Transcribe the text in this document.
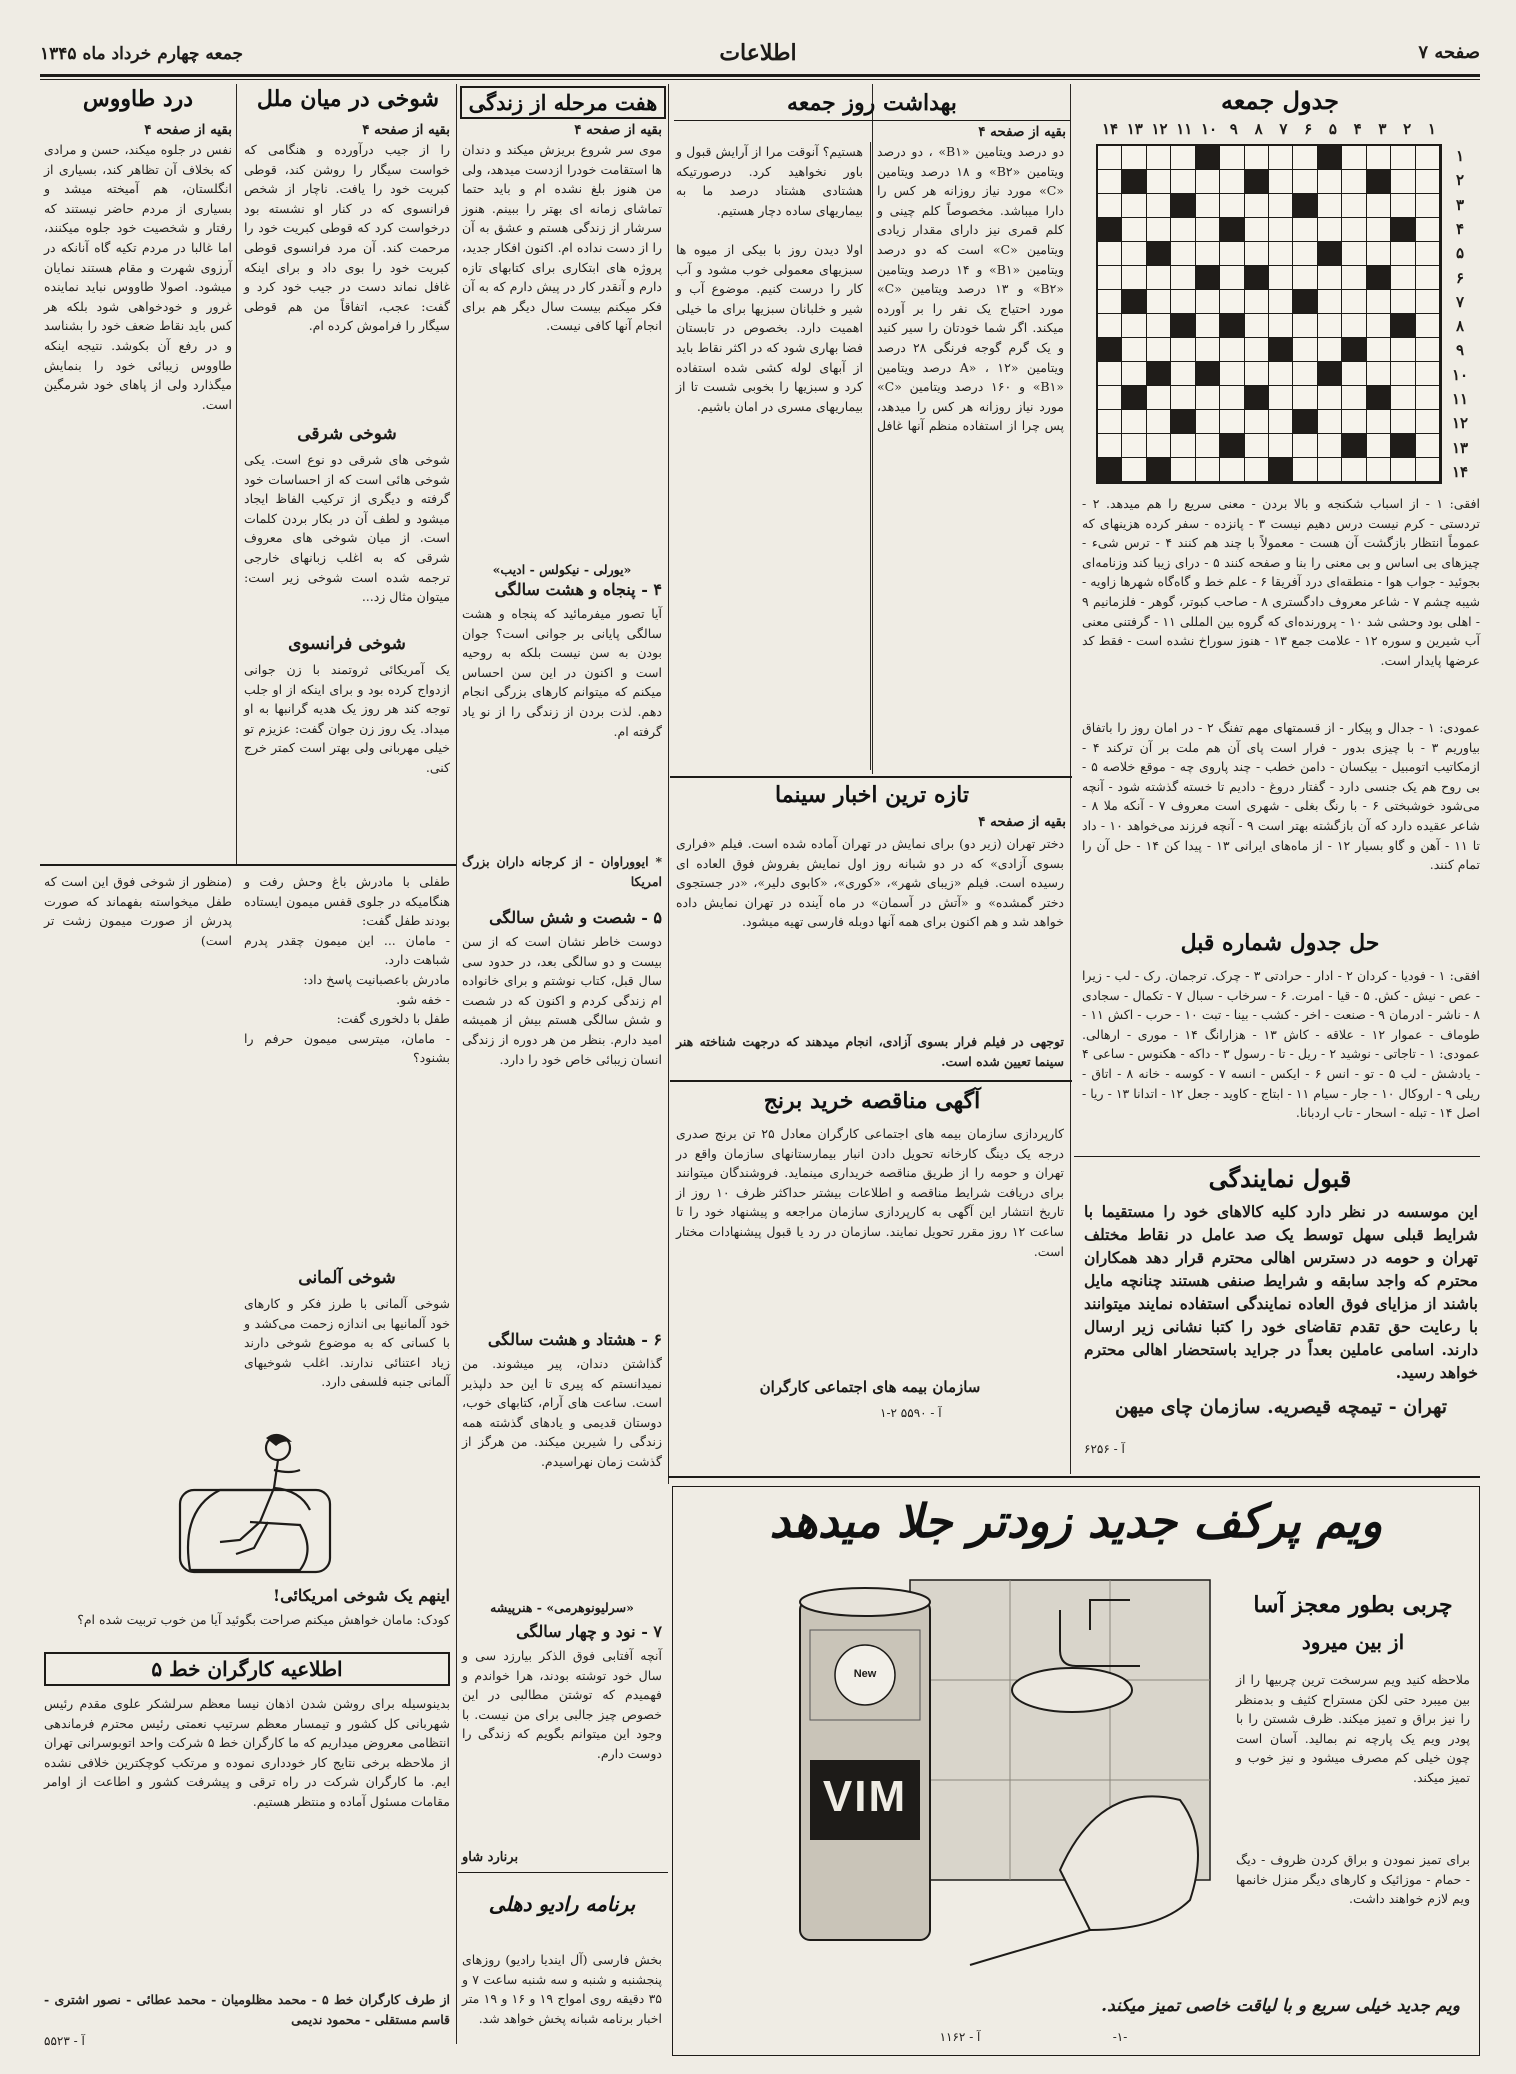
صفحه ۷
اطلاعات
جمعه چهارم خرداد ماه ۱۳۴۵
جدول جمعه
۱
۲
۳
۴
۵
۶
۷
۸
۹
۱۰
۱۱
۱۲
۱۳
۱۴
۱
۲
۳
۴
۵
۶
۷
۸
۹
۱۰
۱۱
۱۲
۱۳
۱۴
افقی: ۱ - از اسباب شکنجه و بالا بردن - معنی سریع را هم میدهد. ۲ - تردستی - کرم نیست درس دهیم نیست ۳ - پانزده - سفر کرده هزینهای که عموماً انتظار بازگشت آن هست - معمولاً با چند هم کنند ۴ - ترس شیء - چیزهای بی اساس و بی معنی را بنا و صفحه کنند ۵ - درای زیبا کند وزنامه‌ای بجوئید - جواب هوا - منطقه‌ای درد آفریقا ۶ - علم خط و گاه‌گاه شهرها زاویه - شیبه چشم ۷ - شاعر معروف دادگستری ۸ - صاحب کبوتر، گوهر - فلزمانیم ۹ - اهلی بود وحشی شد ۱۰ - پرورنده‌ای که گروه بین المللی ۱۱ - گرفتنی معنی آب شیرین و سوره ۱۲ - علامت جمع ۱۳ - هنوز سوراخ نشده است - فقط کد عرضها پایدار است.
عمودی: ۱ - جدال و پیکار - از قسمتهای مهم تفنگ ۲ - در امان روز را باتفاق بیاوریم ۳ - با چیزی بدور - فرار است پای آن هم ملت بر آن ترکند ۴ - ازمکاتیب اتومبیل - بیکسان - دامن خطب - چند پاروی چه - موقع خلاصه ۵ - بی روح هم یک جنسی دارد - گفتار دروغ - دادیم تا خسته گذشته شود - آنچه می‌شود خوشبختی ۶ - با رنگ بغلی - شهری است معروف ۷ - آنکه ملا ۸ - شاعر عقیده دارد که آن بازگشته بهتر است ۹ - آنچه فرزند می‌خواهد ۱۰ - داد تا ۱۱ - آهن و گاو بسیار ۱۲ - از ماه‌های ایرانی ۱۳ - پیدا کن ۱۴ - حل آن را تمام کنند.
حل جدول شماره قبل
افقی: ۱ - فودیا - کردان ۲ - ادار - حرادتی ۳ - چرک. ترجمان. رک - لب - زیرا - عص - نیش - کش. ۵ - قیا - امرت. ۶ - سرخاب - سبال ۷ - تکمال - سجادی ۸ - ناشر - ادرمان ۹ - صنعت - اخر - کشب - بینا - تبت ۱۰ - حرب - اکش ۱۱ - طوماف - عموار ۱۲ - علاقه - کاش ۱۳ - هزارانگ ۱۴ - موری - ارهالی. عمودی: ۱ - تاجاتی - نوشید ۲ - ریل - تا - رسول ۳ - داکه - هکنوس - ساعی ۴ - یادشش - لب ۵ - تو - انس ۶ - ایکس - انسه ۷ - کوسه - خانه ۸ - اتاق - ریلی ۹ - اروکال ۱۰ - جار - سیام ۱۱ - ابتاج - کاوید - جعل ۱۲ - اتدانا ۱۳ - ریا - اصل ۱۴ - تبله - اسحار - تاب اردبانا.
قبول نمایندگی
این موسسه در نظر دارد کلیه کالاهای خود را مستقیما با شرایط قبلی سهل توسط یک صد عامل در نقاط مختلف تهران و حومه در دسترس اهالی محترم قرار دهد همکاران محترم که واجد سابقه و شرایط صنفی هستند چنانچه مایل باشند از مزایای فوق العاده نمایندگی استفاده نمایند میتوانند با رعایت حق تقدم تقاضای خود را کتبا نشانی زیر ارسال دارند. اسامی عاملین بعداً در جراید باستحضار اهالی محترم خواهد رسید.
تهران - تیمچه قیصریه. سازمان چای میهن
آ - ۶۲۵۶
بهداشت روز جمعه
بقیه از صفحه ۴
دو درصد ویتامین «B۱» ، دو درصد ویتامین «B۲» و ۱۸ درصد ویتامین «C» مورد نیاز روزانه هر کس را دارا میباشد. مخصوصاً کلم چینی و کلم قمری نیز دارای مقدار زیادی ویتامین «C» است که دو درصد ویتامین «B۱» و ۱۴ درصد ویتامین «B۲» و ۱۳ درصد ویتامین «C» مورد احتیاج یک نفر را بر آورده میکند. اگر شما خودتان را سیر کنید و یک گرم گوجه فرنگی ۲۸ درصد ویتامین «A» ، ۱۲ درصد ویتامین «B۱» و ۱۶۰ درصد ویتامین «C» مورد نیاز روزانه هر کس را میدهد، پس چرا از استفاده منظم آنها غافل هستیم؟ آنوقت مرا از آرایش قبول و باور نخواهید کرد. درصورتیکه هشتادی هشتاد درصد ما به بیماریهای ساده دچار هستیم.

اولا دیدن روز با بیکی از میوه ها سبزیهای معمولی خوب مشود و آب کار را درست کنیم. موضوع آب و شیر و خلبانان سبزیها برای ما خیلی اهمیت دارد. بخصوص در تابستان فضا بهاری شود که در اکثر نقاط باید از آبهای لوله کشی شده استفاده کرد و سبزیها را بخوبی شست تا از بیماریهای مسری در امان باشیم.
تازه ترین اخبار سینما
بقیه از صفحه ۴
دختر تهران (زیر دو) برای نمایش در تهران آماده شده است. فیلم «فراری بسوی آزادی» که در دو شبانه روز اول نمایش بفروش فوق العاده ای رسیده است. فیلم «زیبای شهر»، «کوری»، «کابوی دلیر»، «در جستجوی دختر گمشده» و «آتش در آسمان» در ماه آینده در تهران نمایش داده خواهد شد و هم اکنون برای همه آنها دوبله فارسی تهیه میشود.
توجهی در فیلم فرار بسوی آزادی، انجام میدهند که درجهت شناخته هنر سینما تعیین شده است.
آگهی مناقصه خرید برنج
کارپردازی سازمان بیمه های اجتماعی کارگران معادل ۲۵ تن برنج صدری درجه یک دینگ کارخانه تحویل دادن انبار بیمارستانهای سازمان واقع در تهران و حومه را از طریق مناقصه خریداری مینماید. فروشندگان میتوانند برای دریافت شرایط مناقصه و اطلاعات بیشتر حداکثر ظرف ۱۰ روز از تاریخ انتشار این آگهی به کارپردازی سازمان مراجعه و پیشنهاد خود را تا ساعت ۱۲ روز مقرر تحویل نمایند. سازمان در رد یا قبول پیشنهادات مختار است.
سازمان بیمه های اجتماعی کارگران
آ - ۵۵۹۰ ۲-۱
هفت مرحله از زندگی
بقیه از صفحه ۴
موی سر شروع بریزش میکند و دندان ها استقامت خودرا ازدست میدهد، ولی من هنوز بلغ نشده ام و باید حتما تماشای زمانه ای بهتر را ببینم. هنوز سرشار از زندگی هستم و عشق به آن را از دست نداده ام. اکنون افکار جدید، پروژه های ابتکاری برای کتابهای تازه دارم و آنقدر کار در پیش دارم که به آن فکر میکنم بیست سال دیگر هم برای انجام آنها کافی نیست.
«یورلی - نیکولس - ادیب»
۴ - پنجاه و هشت سالگی
آیا تصور میفرمائید که پنجاه و هشت سالگی پایانی بر جوانی است؟ جوان بودن به سن نیست بلکه به روحیه است و اکنون در این سن احساس میکنم که میتوانم کارهای بزرگی انجام دهم. لذت بردن از زندگی را از نو یاد گرفته ام.
* ایووراوان - از کرجانه داران بزرگ امریکا
۵ - شصت و شش سالگی
دوست خاطر نشان است که از سن بیست و دو سالگی بعد، در حدود سی سال قبل، کتاب نوشتم و برای خانواده ام زندگی کردم و اکنون که در شصت و شش سالگی هستم بیش از همیشه امید دارم. بنظر من هر دوره از زندگی انسان زیبائی خاص خود را دارد.
۶ - هشتاد و هشت سالگی
گذاشتن دندان، پیر میشوند. من نمیدانستم که پیری تا این حد دلپذیر است. ساعت های آرام، کتابهای خوب، دوستان قدیمی و یادهای گذشته همه زندگی را شیرین میکند. من هرگز از گذشت زمان نهراسیدم.
«سرلیونوهرمی» - هنرپیشه
۷ - نود و چهار سالگی
آنچه آفتابی فوق الذکر بیارزد سی و سال خود توشته بودند، هرا خواندم و فهمیدم که توشتن مطالبی در این خصوص چیز جالبی برای من نیست. با وجود این میتوانم بگویم که زندگی را دوست دارم.
برنارد شاو
برنامه رادیو دهلی
بخش فارسی (آل ایندیا رادیو) روزهای پنجشنبه و شنبه و سه شنبه ساعت ۷ و ۳۵ دقیقه روی امواج ۱۹ و ۱۶ و ۱۹ متر اخبار برنامه شبانه پخش خواهد شد.
شوخی در میان ملل
بقیه از صفحه ۴
را از جیب درآورده و هنگامی که خواست سیگار را روشن کند، قوطی کبریت خود را یافت. ناچار از شخص فرانسوی که در کنار او نشسته بود درخواست کرد که قوطی کبریت خود را مرحمت کند. آن مرد فرانسوی قوطی کبریت خود را بوی داد و برای اینکه غافل نماند دست در جیب خود کرد و گفت: عجب، اتفاقاً من هم قوطی سیگار را فراموش کرده ام.
شوخی شرقی
شوخی های شرقی دو نوع است. یکی شوخی هائی است که از احساسات خود گرفته و دیگری از ترکیب الفاظ ایجاد میشود و لطف آن در بکار بردن کلمات است. از میان شوخی های معروف شرقی که به اغلب زبانهای خارجی ترجمه شده است شوخی زیر است: میتوان مثال زد...
شوخی فرانسوی
یک آمریکائی ثروتمند با زن جوانی ازدواج کرده بود و برای اینکه از او جلب توجه کند هر روز یک هدیه گرانبها به او میداد. یک روز زن جوان گفت: عزیزم تو خیلی مهربانی ولی بهتر است کمتر خرج کنی.
درد طاووس
بقیه از صفحه ۴
نفس در جلوه میکند، حسن و مرادی که بخلاف آن تظاهر کند، بسیاری از انگلستان، هم آمیخته میشد و بسیاری از مردم حاضر نیستند که رفتار و شخصیت خود جلوه میکنند، اما غالبا در مردم تکیه گاه آنانکه در آرزوی شهرت و مقام هستند نمایان میشود. اصولا طاووس نباید نماینده غرور و خودخواهی شود بلکه هر کس باید نقاط ضعف خود را بشناسد و در رفع آن بکوشد. نتیجه اینکه طاووس زیبائی خود را بنمایش میگذارد ولی از پاهای خود شرمگین است.
طفلی با مادرش باغ وحش رفت و هنگامیکه در جلوی قفس میمون ایستاده بودند طفل گفت:
- مامان ... این میمون چقدر پدرم شباهت دارد.
مادرش باعصبانیت پاسخ داد:
- خفه شو.
طفل با دلخوری گفت:
- مامان، میترسی میمون حرفم را بشنود؟
(منظور از شوخی فوق این است که طفل میخواسته بفهماند که صورت پدرش از صورت میمون زشت تر است)
شوخی آلمانی
شوخی آلمانی با طرز فکر و کارهای خود آلمانیها بی اندازه زحمت می‌کشد و با کسانی که به موضوع شوخی دارند زیاد اعتنائی ندارند. اغلب شوخیهای آلمانی جنبه فلسفی دارد.
اینهم یک شوخی امریکائی!
کودک: مامان خواهش میکنم صراحت بگوئید آیا من خوب تربیت شده ام؟
اطلاعیه کارگران خط ۵
بدینوسیله برای روشن شدن اذهان نیسا معظم سرلشکر علوی مقدم رئیس شهربانی کل کشور و تیمسار معظم سرتیپ نعمتی رئیس محترم فرماندهی انتظامی معروض میداریم که ما کارگران خط ۵ شرکت واحد اتوبوسرانی تهران از ملاحظه برخی نتایج کار خودداری نموده و مرتکب کوچکترین خلافی نشده ایم. ما کارگران شرکت در راه ترقی و پیشرفت کشور و اطاعت از اوامر مقامات مسئول آماده و منتظر هستیم.
از طرف کارگران خط ۵ - محمد مظلومیان - محمد عطائی - نصور اشتری - قاسم مستقلی - محمود ندیمی
آ - ۵۵۲۳
ویم پرکف جدید زودتر جلا میدهد
New
VIM
چربی بطور معجز آسا
از بین میرود
ملاحظه کنید ویم سرسخت ترین چربیها را از بین میبرد حتی لکن مستراح کثیف و بدمنظر را نیز براق و تمیز میکند. ظرف شستن را با پودر ویم یک پارچه نم بمالید. آسان است چون خیلی کم مصرف میشود و نیز خوب و تمیز میکند.
برای تمیز نمودن و براق کردن ظروف - دیگ - حمام - موزائیک و کارهای دیگر منزل خانمها ویم لازم خواهند داشت.
ویم جدید خیلی سریع و با لیاقت خاصی تمیز میکند.
-۱-
آ - ۱۱۶۲
